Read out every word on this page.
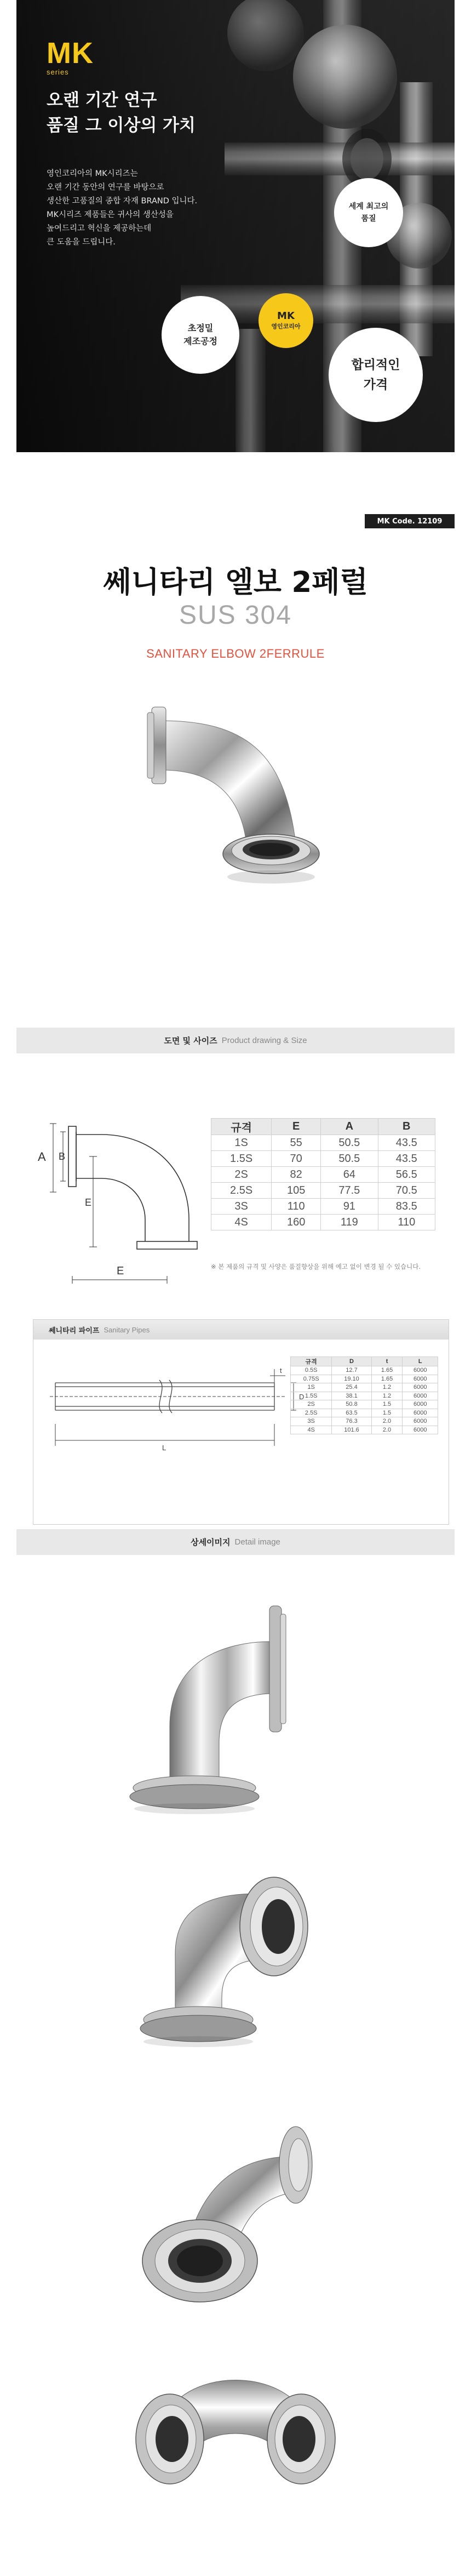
MK
series
오랜 기간 연구
품질 그 이상의 가치
영인코리아의 MK시리즈는
오랜 기간 동안의 연구를 바탕으로
생산한 고품질의 종합 자재 BRAND 입니다.
MK시리즈 제품들은 귀사의 생산성을
높여드리고 혁신을 제공하는데
큰 도움을 드립니다.
세계 최고의
품질
초정밀
제조공정
MK
영인코리아
합리적인
가격
MK Code. 12109
쎄니타리 엘보 2페럴
SUS 304
SANITARY ELBOW 2FERRULE
도면 및 사이즈 Product drawing & Size
A B
E
E
규격	E	A	B
1S	55	50.5	43.5
1.5S	70	50.5	43.5
2S	82	64	56.5
2.5S	105	77.5	70.5
3S	110	91	83.5
4S	160	119	110
※ 본 제품의 규격 및 사양은 품질향상을 위해 예고 없이 변경 될 수 있습니다.
쎄니타리 파이프 Sanitary Pipes
t
D
L
규격	D	t	L
0.5S	12.7	1.65	6000
0.75S	19.10	1.65	6000
1S	25.4	1.2	6000
1.5S	38.1	1.2	6000
2S	50.8	1.5	6000
2.5S	63.5	1.5	6000
3S	76.3	2.0	6000
4S	101.6	2.0	6000
상세이미지 Detail image
